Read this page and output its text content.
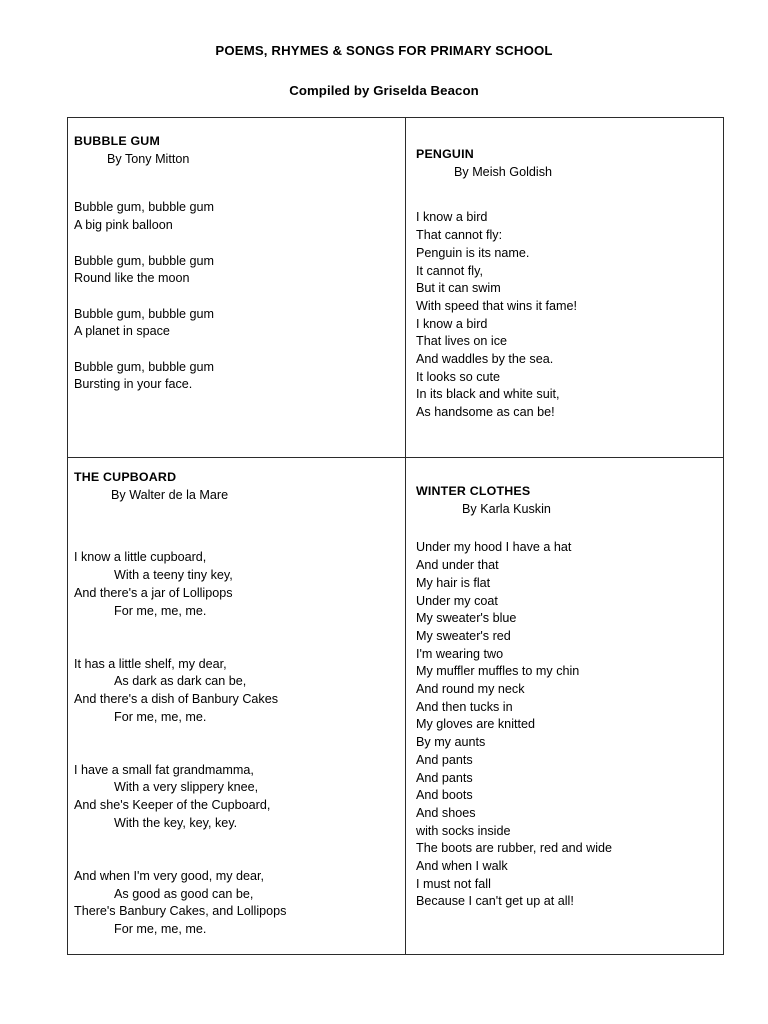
POEMS, RHYMES & SONGS FOR PRIMARY SCHOOL
Compiled by Griselda Beacon
BUBBLE GUM
By Tony Mitton
Bubble gum, bubble gum
A big pink balloon

Bubble gum, bubble gum
Round like the moon

Bubble gum, bubble gum
A planet in space

Bubble gum, bubble gum
Bursting in your face.

PENGUIN
By Meish Goldish
I know a bird
That cannot fly:
Penguin is its name.
It cannot fly,
But it can swim
With speed that wins it fame!
I know a bird
That lives on ice
And waddles by the sea.
It looks so cute
In its black and white suit,
As handsome as can be!

THE CUPBOARD
By Walter de la Mare
I know a little cupboard,
With a teeny tiny key,
And there's a jar of Lollipops
For me, me, me.

It has a little shelf, my dear,
As dark as dark can be,
And there's a dish of Banbury Cakes
For me, me, me.

I have a small fat grandmamma,
With a very slippery knee,
And she's Keeper of the Cupboard,
With the key, key, key.

And when I'm very good, my dear,
As good as good can be,
There's Banbury Cakes, and Lollipops
For me, me, me.

WINTER CLOTHES
By Karla Kuskin
Under my hood I have a hat
And under that
My hair is flat
Under my coat
My sweater's blue
My sweater's red
I'm wearing two
My muffler muffles to my chin
And round my neck
And then tucks in
My gloves are knitted
By my aunts
And pants
And pants
And boots
And shoes
with socks inside
The boots are rubber, red and wide
And when I walk
I must not fall
Because I can't get up at all!
